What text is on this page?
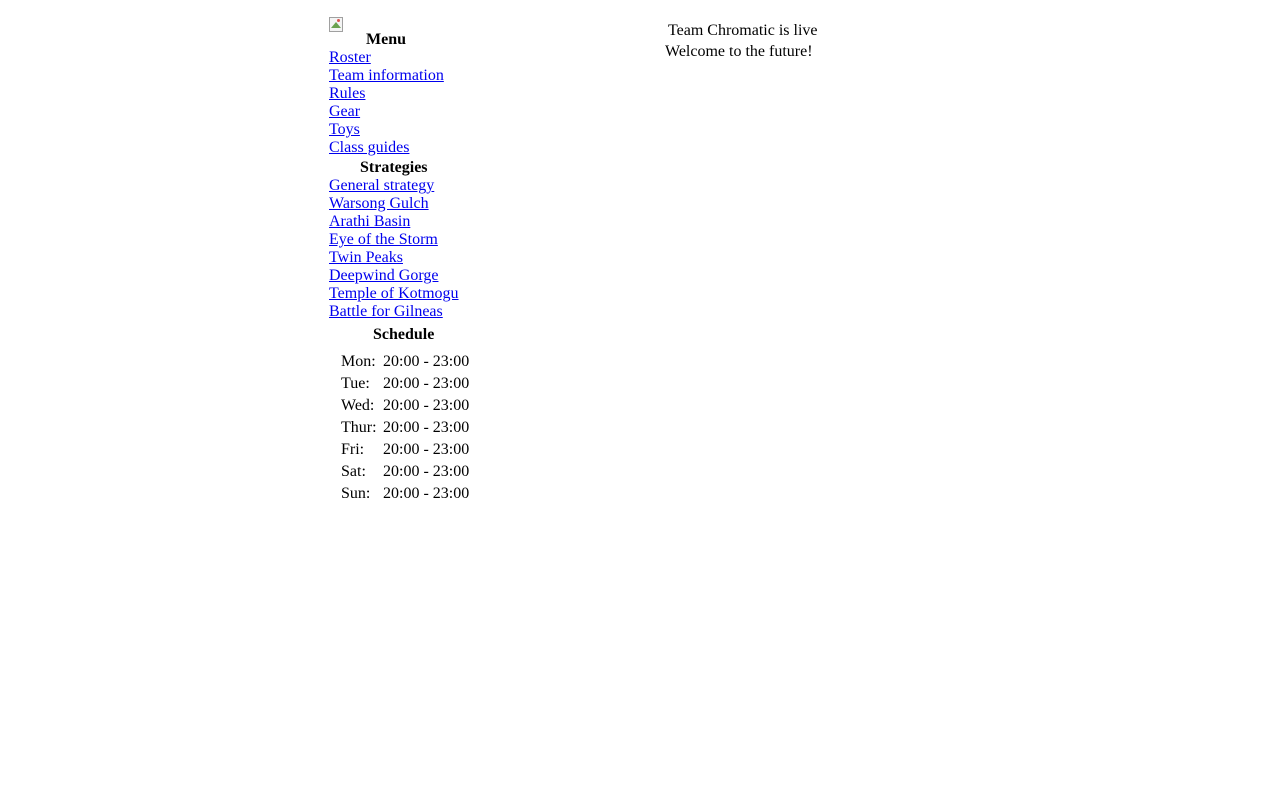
Menu
Roster
Team information
Rules
Gear
Toys
Class guides
Strategies
General strategy
Warsong Gulch
Arathi Basin
Eye of the Storm
Twin Peaks
Deepwind Gorge
Temple of Kotmogu
Battle for Gilneas
Schedule
Mon:	20:00 - 23:00
Tue:	20:00 - 23:00
Wed:	20:00 - 23:00
Thur:	20:00 - 23:00
Fri:	20:00 - 23:00
Sat:	20:00 - 23:00
Sun:	20:00 - 23:00
Team Chromatic is live
Welcome to the future!
